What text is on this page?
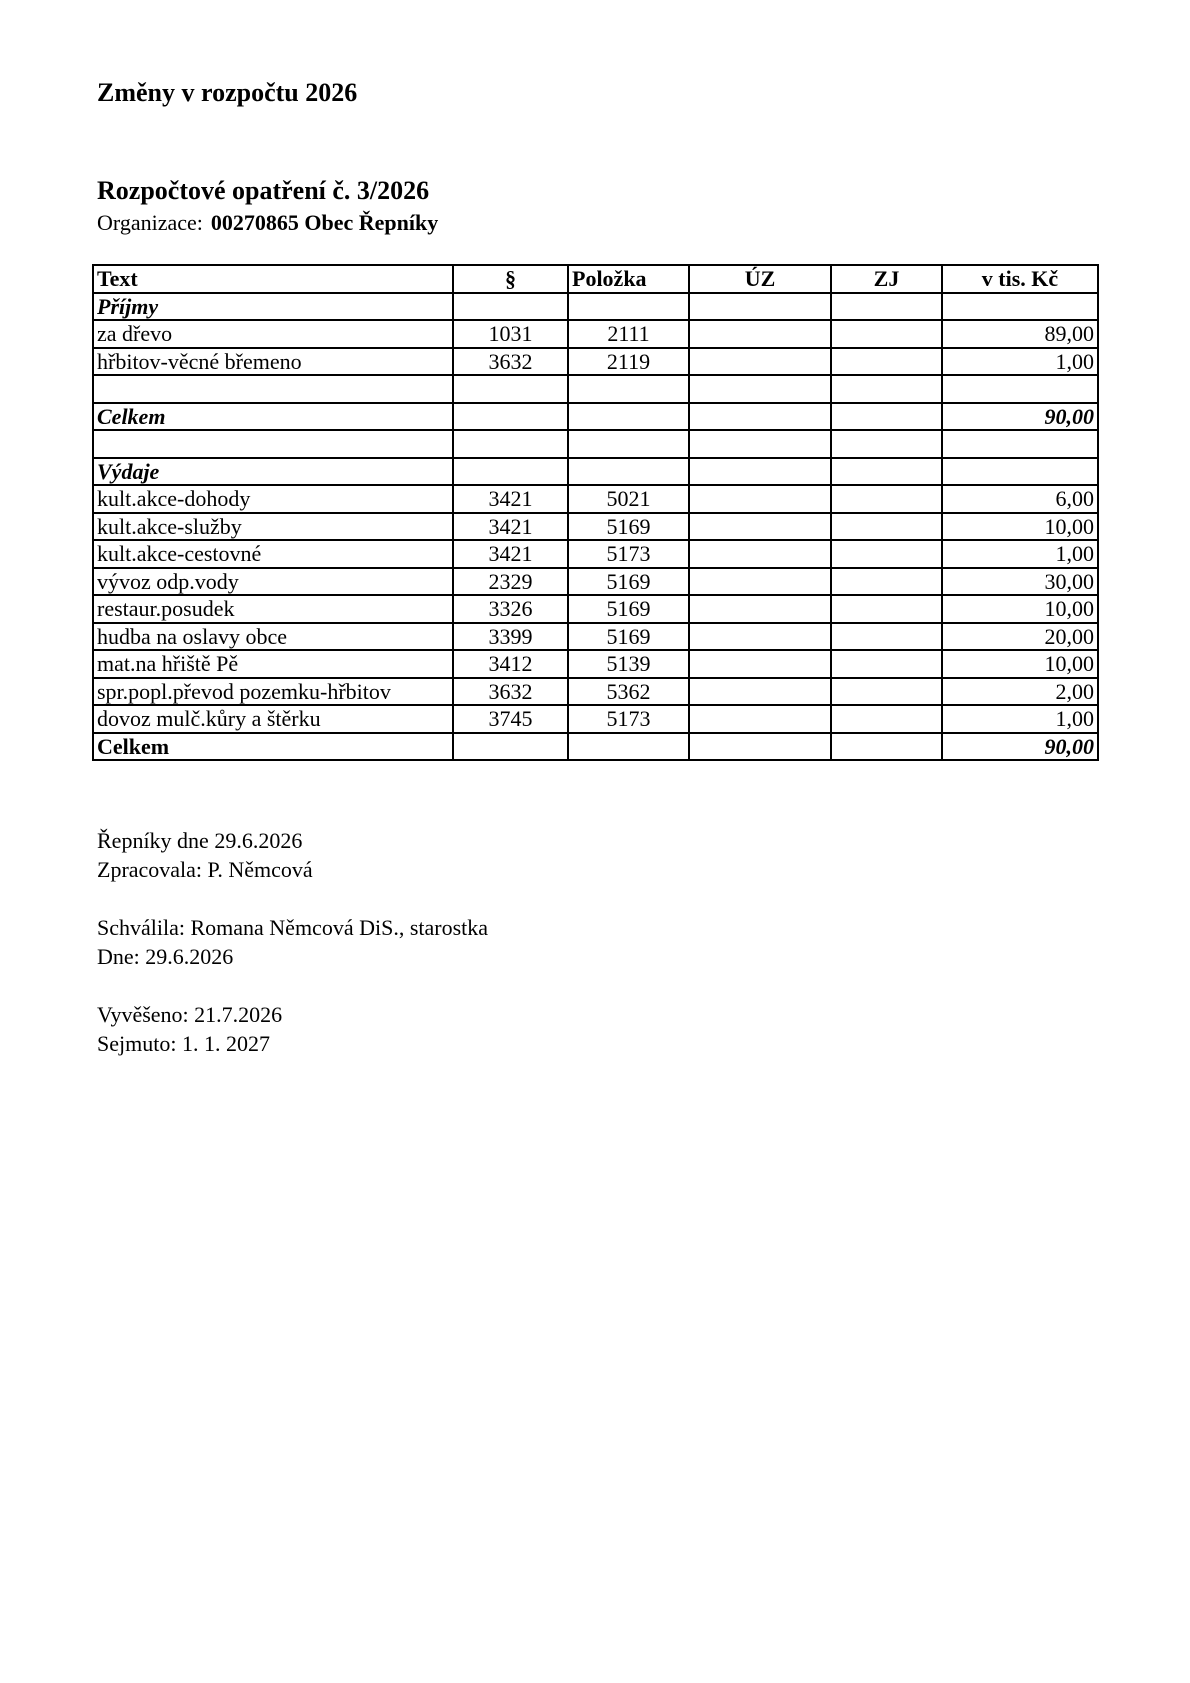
Změny v rozpočtu 2026
Rozpočtové opatření č. 3/2026
Organizace: 00270865 Obec Řepníky
Text	§	Položka	ÚZ	ZJ	v tis. Kč
Příjmy					
za dřevo	1031	2111			89,00
hřbitov-věcné břemeno	3632	2119			1,00

Celkem					90,00

Výdaje					
kult.akce-dohody	3421	5021			6,00
kult.akce-služby	3421	5169			10,00
kult.akce-cestovné	3421	5173			1,00
vývoz odp.vody	2329	5169			30,00
restaur.posudek	3326	5169			10,00
hudba na oslavy obce	3399	5169			20,00
mat.na hřiště Pě	3412	5139			10,00
spr.popl.převod pozemku-hřbitov	3632	5362			2,00
dovoz mulč.kůry a štěrku	3745	5173			1,00
Celkem					90,00
Řepníky dne 29.6.2026
Zpracovala: P. Němcová
Schválila: Romana Němcová DiS., starostka
Dne: 29.6.2026
Vyvěšeno: 21.7.2026
Sejmuto: 1. 1. 2027
